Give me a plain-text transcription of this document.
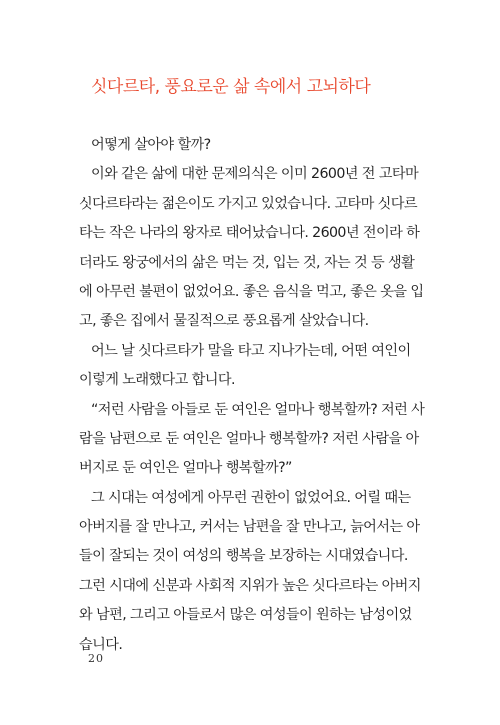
싯다르타, 풍요로운 삶 속에서 고뇌하다
어떻게 살아야 할까?
이와 같은 삶에 대한 문제의식은 이미 2600년 전 고타마
싯다르타라는 젊은이도 가지고 있었습니다. 고타마 싯다르
타는 작은 나라의 왕자로 태어났습니다. 2600년 전이라 하
더라도 왕궁에서의 삶은 먹는 것, 입는 것, 자는 것 등 생활
에 아무런 불편이 없었어요. 좋은 음식을 먹고, 좋은 옷을 입
고, 좋은 집에서 물질적으로 풍요롭게 살았습니다.
어느 날 싯다르타가 말을 타고 지나가는데, 어떤 여인이
이렇게 노래했다고 합니다.
“저런 사람을 아들로 둔 여인은 얼마나 행복할까? 저런 사
람을 남편으로 둔 여인은 얼마나 행복할까? 저런 사람을 아
버지로 둔 여인은 얼마나 행복할까?”
그 시대는 여성에게 아무런 권한이 없었어요. 어릴 때는
아버지를 잘 만나고, 커서는 남편을 잘 만나고, 늙어서는 아
들이 잘되는 것이 여성의 행복을 보장하는 시대였습니다.
그런 시대에 신분과 사회적 지위가 높은 싯다르타는 아버지
와 남편, 그리고 아들로서 많은 여성들이 원하는 남성이었
습니다.
20
